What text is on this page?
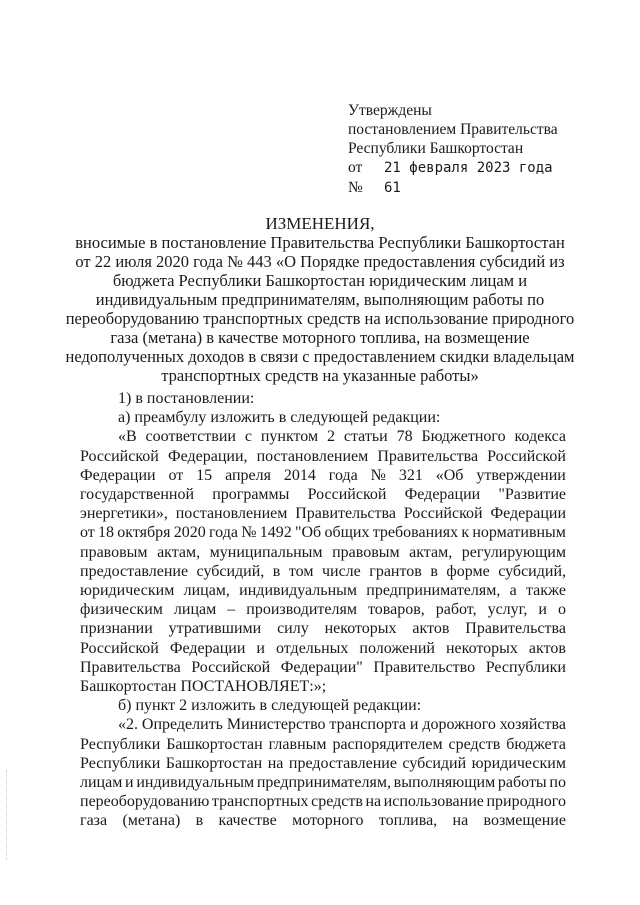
Утверждены
постановлением Правительства
Республики Башкортостан
от 21 февраля 2023 года
№ 61
ИЗМЕНЕНИЯ,
вносимые в постановление Правительства Республики Башкортостан
от 22 июля 2020 года № 443 «О Порядке предоставления субсидий из
бюджета Республики Башкортостан юридическим лицам и
индивидуальным предпринимателям, выполняющим работы по
переоборудованию транспортных средств на использование природного
газа (метана) в качестве моторного топлива, на возмещение
недополученных доходов в связи с предоставлением скидки владельцам
транспортных средств на указанные работы»
1) в постановлении:
а) преамбулу изложить в следующей редакции:
«В соответствии с пунктом 2 статьи 78 Бюджетного кодекса
Российской Федерации, постановлением Правительства Российской
Федерации от 15 апреля 2014 года № 321 «Об утверждении
государственной программы Российской Федерации "Развитие
энергетики», постановлением Правительства Российской Федерации
от 18 октября 2020 года № 1492 "Об общих требованиях к нормативным
правовым актам, муниципальным правовым актам, регулирующим
предоставление субсидий, в том числе грантов в форме субсидий,
юридическим лицам, индивидуальным предпринимателям, а также
физическим лицам – производителям товаров, работ, услуг, и о
признании утратившими силу некоторых актов Правительства
Российской Федерации и отдельных положений некоторых актов
Правительства Российской Федерации" Правительство Республики
Башкортостан ПОСТАНОВЛЯЕТ:»;
б) пункт 2 изложить в следующей редакции:
«2. Определить Министерство транспорта и дорожного хозяйства
Республики Башкортостан главным распорядителем средств бюджета
Республики Башкортостан на предоставление субсидий юридическим
лицам и индивидуальным предпринимателям, выполняющим работы по
переоборудованию транспортных средств на использование природного
газа (метана) в качестве моторного топлива, на возмещение
